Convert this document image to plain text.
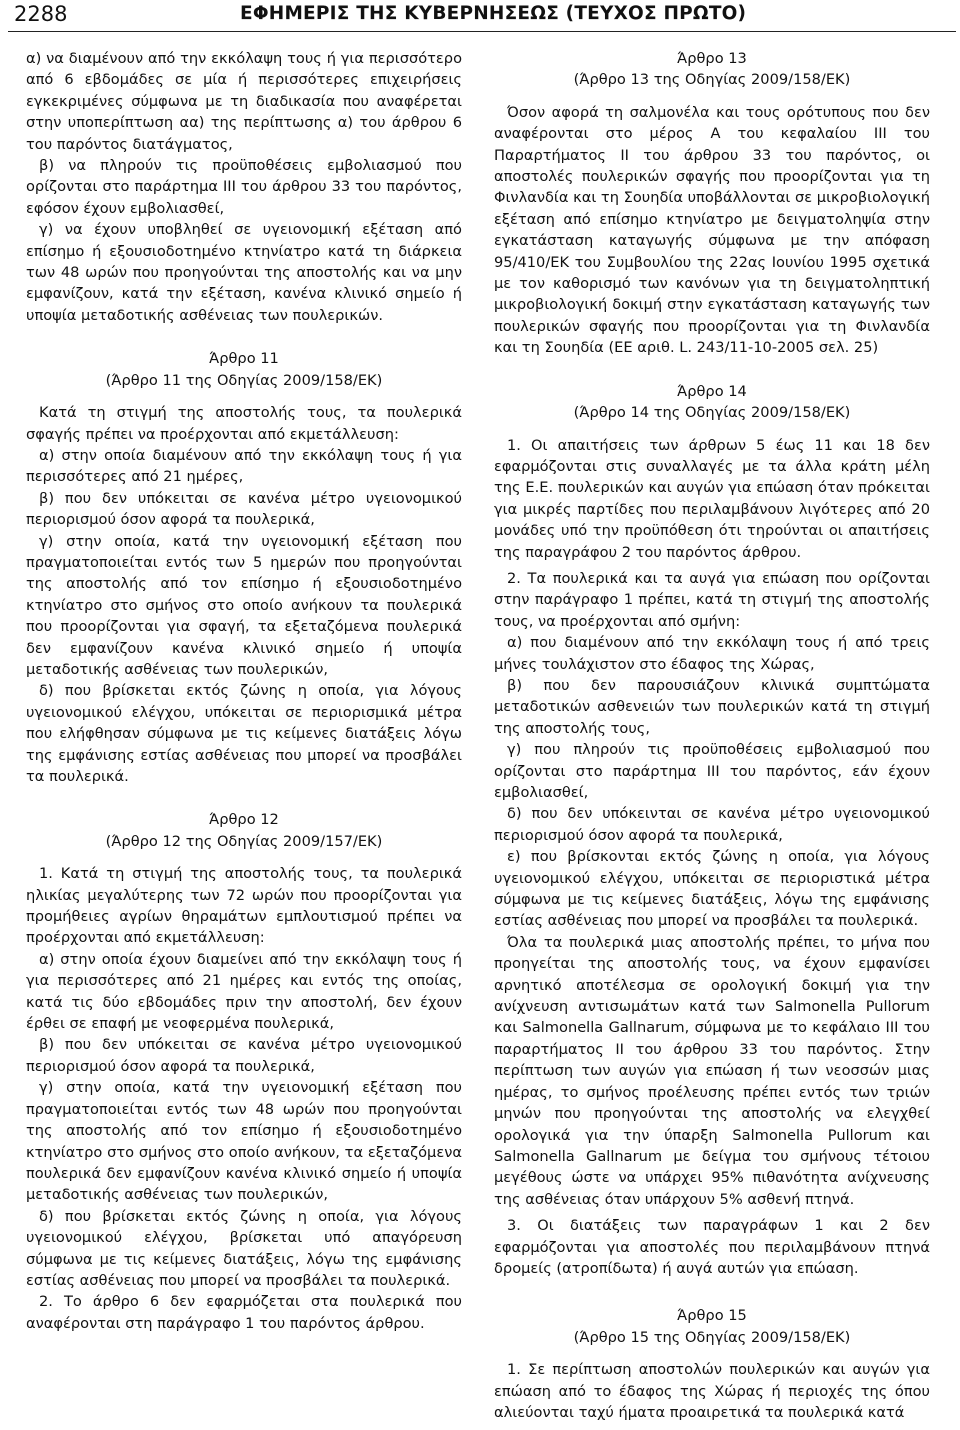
2288	ΕΦΗΜΕΡΙΣ ΤΗΣ ΚΥΒΕΡΝΗΣΕΩΣ (ΤΕΥΧΟΣ ΠΡΩΤΟ)

α) να διαμένουν από την εκκόλαψη τους ή για περισσότερο από 6 εβδομάδες σε μία ή περισσότερες επιχειρήσεις εγκεκριμένες σύμφωνα με τη διαδικασία που αναφέρεται στην υποπερίπτωση αα) της περίπτωσης α) του άρθρου 6 του παρόντος διατάγματος,

β) να πληρούν τις προϋποθέσεις εμβολιασμού που ορίζονται στο παράρτημα ΙΙΙ του άρθρου 33 του παρόντος, εφόσον έχουν εμβολιασθεί,

γ) να έχουν υποβληθεί σε υγειονομική εξέταση από επίσημο ή εξουσιοδοτημένο κτηνίατρο κατά τη διάρκεια των 48 ωρών που προηγούνται της αποστολής και να μην εμφανίζουν, κατά την εξέταση, κανένα κλινικό σημείο ή υποψία μεταδοτικής ασθένειας των πουλερικών.

Άρθρο 11
(Άρθρο 11 της Οδηγίας 2009/158/ΕΚ)

Κατά τη στιγμή της αποστολής τους, τα πουλερικά σφαγής πρέπει να προέρχονται από εκμετάλλευση:

α) στην οποία διαμένουν από την εκκόλαψη τους ή για περισσότερες από 21 ημέρες,

β) που δεν υπόκειται σε κανένα μέτρο υγειονομικού περιορισμού όσον αφορά τα πουλερικά,

γ) στην οποία, κατά την υγειονομική εξέταση που πραγματοποιείται εντός των 5 ημερών που προηγούνται της αποστολής από τον επίσημο ή εξουσιοδοτημένο κτηνίατρο στο σμήνος στο οποίο ανήκουν τα πουλερικά που προορίζονται για σφαγή, τα εξεταζόμενα πουλερικά δεν εμφανίζουν κανένα κλινικό σημείο ή υποψία μεταδοτικής ασθένειας των πουλερικών,

δ) που βρίσκεται εκτός ζώνης η οποία, για λόγους υγειονομικού ελέγχου, υπόκειται σε περιορισμικά μέτρα που ελήφθησαν σύμφωνα με τις κείμενες διατάξεις λόγω της εμφάνισης εστίας ασθένειας που μπορεί να προσβάλει τα πουλερικά.

Άρθρο 12
(Άρθρο 12 της Οδηγίας 2009/157/ΕΚ)

1. Κατά τη στιγμή της αποστολής τους, τα πουλερικά ηλικίας μεγαλύτερης των 72 ωρών που προορίζονται για προμήθειες αγρίων θηραμάτων εμπλουτισμού πρέπει να προέρχονται από εκμετάλλευση:

α) στην οποία έχουν διαμείνει από την εκκόλαψη τους ή για περισσότερες από 21 ημέρες και εντός της οποίας, κατά τις δύο εβδομάδες πριν την αποστολή, δεν έχουν έρθει σε επαφή με νεοφερμένα πουλερικά,

β) που δεν υπόκειται σε κανένα μέτρο υγειονομικού περιορισμού όσον αφορά τα πουλερικά,

γ) στην οποία, κατά την υγειονομική εξέταση που πραγματοποιείται εντός των 48 ωρών που προηγούνται της αποστολής από τον επίσημο ή εξουσιοδοτημένο κτηνίατρο στο σμήνος στο οποίο ανήκουν, τα εξεταζόμενα πουλερικά δεν εμφανίζουν κανένα κλινικό σημείο ή υποψία μεταδοτικής ασθένειας των πουλερικών,

δ) που βρίσκεται εκτός ζώνης η οποία, για λόγους υγειονομικού ελέγχου, βρίσκεται υπό απαγόρευση σύμφωνα με τις κείμενες διατάξεις, λόγω της εμφάνισης εστίας ασθένειας που μπορεί να προσβάλει τα πουλερικά.

2. Το άρθρο 6 δεν εφαρμόζεται στα πουλερικά που αναφέρονται στη παράγραφο 1 του παρόντος άρθρου.

Άρθρο 13
(Άρθρο 13 της Οδηγίας 2009/158/ΕΚ)

Όσον αφορά τη σαλμονέλα και τους ορότυπους που δεν αναφέρονται στο μέρος Α του κεφαλαίου ΙΙΙ του Παραρτήματος ΙΙ του άρθρου 33 του παρόντος, οι αποστολές πουλερικών σφαγής που προορίζονται για τη Φινλανδία και τη Σουηδία υποβάλλονται σε μικροβιολογική εξέταση από επίσημο κτηνίατρο με δειγματοληψία στην εγκατάσταση καταγωγής σύμφωνα με την απόφαση 95/410/ΕΚ του Συμβουλίου της 22ας Ιουνίου 1995 σχετικά με τον καθορισμό των κανόνων για τη δειγματοληπτική μικροβιολογική δοκιμή στην εγκατάσταση καταγωγής των πουλερικών σφαγής που προορίζονται για τη Φινλανδία και τη Σουηδία (ΕΕ αριθ. L. 243/11-10-2005 σελ. 25)

Άρθρο 14
(Άρθρο 14 της Οδηγίας 2009/158/ΕΚ)

1. Οι απαιτήσεις των άρθρων 5 έως 11 και 18 δεν εφαρμόζονται στις συναλλαγές με τα άλλα κράτη μέλη της Ε.Ε. πουλερικών και αυγών για επώαση όταν πρόκειται για μικρές παρτίδες που περιλαμβάνουν λιγότερες από 20 μονάδες υπό την προϋπόθεση ότι τηρούνται οι απαιτήσεις της παραγράφου 2 του παρόντος άρθρου.

2. Τα πουλερικά και τα αυγά για επώαση που ορίζονται στην παράγραφο 1 πρέπει, κατά τη στιγμή της αποστολής τους, να προέρχονται από σμήνη:

α) που διαμένουν από την εκκόλαψη τους ή από τρεις μήνες τουλάχιστον στο έδαφος της Χώρας,

β) που δεν παρουσιάζουν κλινικά συμπτώματα μεταδοτικών ασθενειών των πουλερικών κατά τη στιγμή της αποστολής τους,

γ) που πληρούν τις προϋποθέσεις εμβολιασμού που ορίζονται στο παράρτημα ΙΙΙ του παρόντος, εάν έχουν εμβολιασθεί,

δ) που δεν υπόκεινται σε κανένα μέτρο υγειονομικού περιορισμού όσον αφορά τα πουλερικά,

ε) που βρίσκονται εκτός ζώνης η οποία, για λόγους υγειονομικού ελέγχου, υπόκειται σε περιοριστικά μέτρα σύμφωνα με τις κείμενες διατάξεις, λόγω της εμφάνισης εστίας ασθένειας που μπορεί να προσβάλει τα πουλερικά.

Όλα τα πουλερικά μιας αποστολής πρέπει, το μήνα που προηγείται της αποστολής τους, να έχουν εμφανίσει αρνητικό αποτέλεσμα σε ορολογική δοκιμή για την ανίχνευση αντισωμάτων κατά των Salmonella Pullorum και Salmonella Gallnarum, σύμφωνα με το κεφάλαιο ΙΙΙ του παραρτήματος ΙΙ του άρθρου 33 του παρόντος. Στην περίπτωση των αυγών για επώαση ή των νεοσσών μιας ημέρας, το σμήνος προέλευσης πρέπει εντός των τριών μηνών που προηγούνται της αποστολής να ελεγχθεί ορολογικά για την ύπαρξη Salmonella Pullorum και Salmonella Gallnarum με δείγμα του σμήνους τέτοιου μεγέθους ώστε να υπάρχει 95% πιθανότητα ανίχνευσης της ασθένειας όταν υπάρχουν 5% ασθενή πτηνά.

3. Οι διατάξεις των παραγράφων 1 και 2 δεν εφαρμόζονται για αποστολές που περιλαμβάνουν πτηνά δρομείς (ατροπίδωτα) ή αυγά αυτών για επώαση.

Άρθρο 15
(Άρθρο 15 της Οδηγίας 2009/158/ΕΚ)

1. Σε περίπτωση αποστολών πουλερικών και αυγών για επώαση από το έδαφος της Χώρας ή περιοχές της όπου αλιεύονται ταχύ ήματα προαιρετικά τα πουλερικά κατά
